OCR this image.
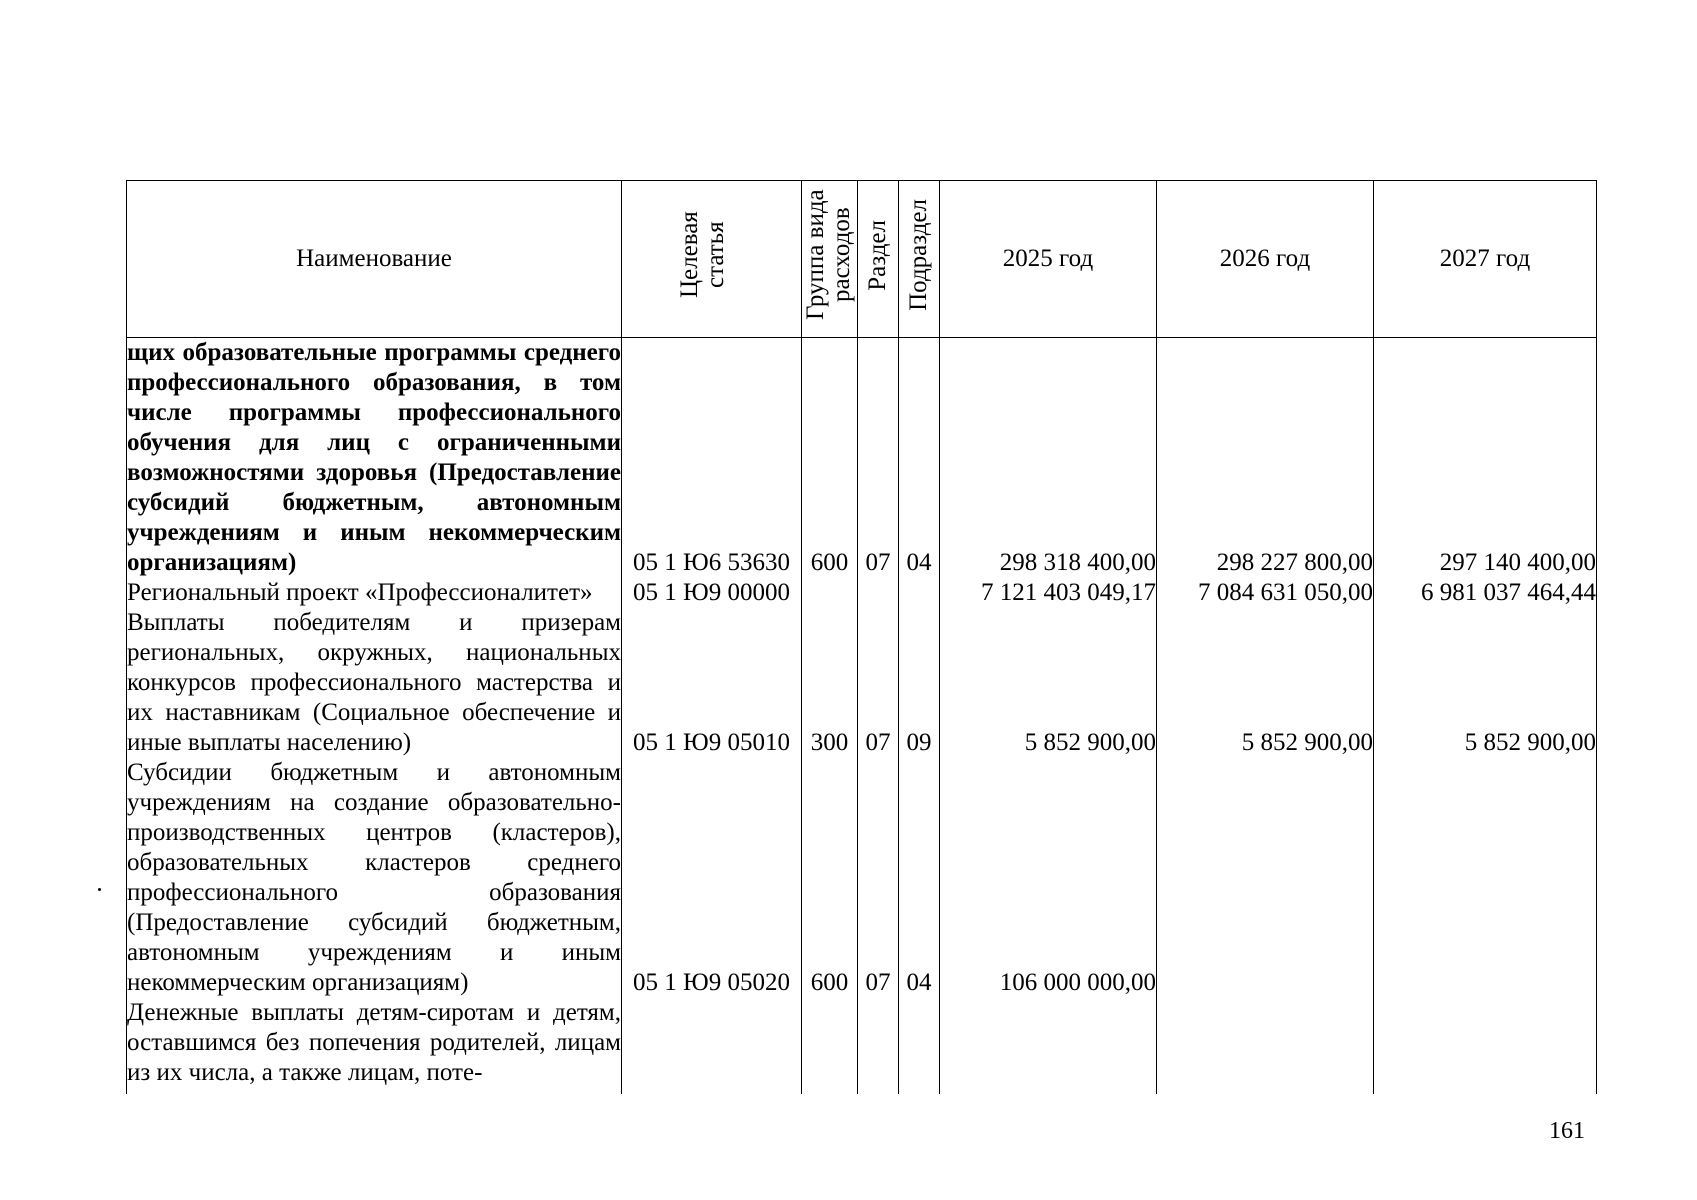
Наименование	Целевая статья	Группа вида расходов	Раздел	Подраздел	2025 год	2026 год	2027 год
щих образовательные программы среднего профессионального образования, в том числе программы профессионального обучения для лиц с ограниченными возможностями здоровья (Предоставление субсидий бюджетным, автономным учреждениям и иным некоммерческим организациям)	05 1 Ю6 53630	600	07	04	298 318 400,00	298 227 800,00	297 140 400,00
Региональный проект «Профессионалитет»	05 1 Ю9 00000				7 121 403 049,17	7 084 631 050,00	6 981 037 464,44
Выплаты победителям и призерам региональных, окружных, национальных конкурсов профессионального мастерства и их наставникам (Социальное обеспечение и иные выплаты населению)	05 1 Ю9 05010	300	07	09	5 852 900,00	5 852 900,00	5 852 900,00
Субсидии бюджетным и автономным учреждениям на создание образовательно-производственных центров (кластеров), образовательных кластеров среднего профессионального образования (Предоставление субсидий бюджетным, автономным учреждениям и иным некоммерческим организациям)	05 1 Ю9 05020	600	07	04	106 000 000,00		
Денежные выплаты детям-сиротам и детям, оставшимся без попечения родителей, лицам из их числа, а также лицам, поте-							
161
